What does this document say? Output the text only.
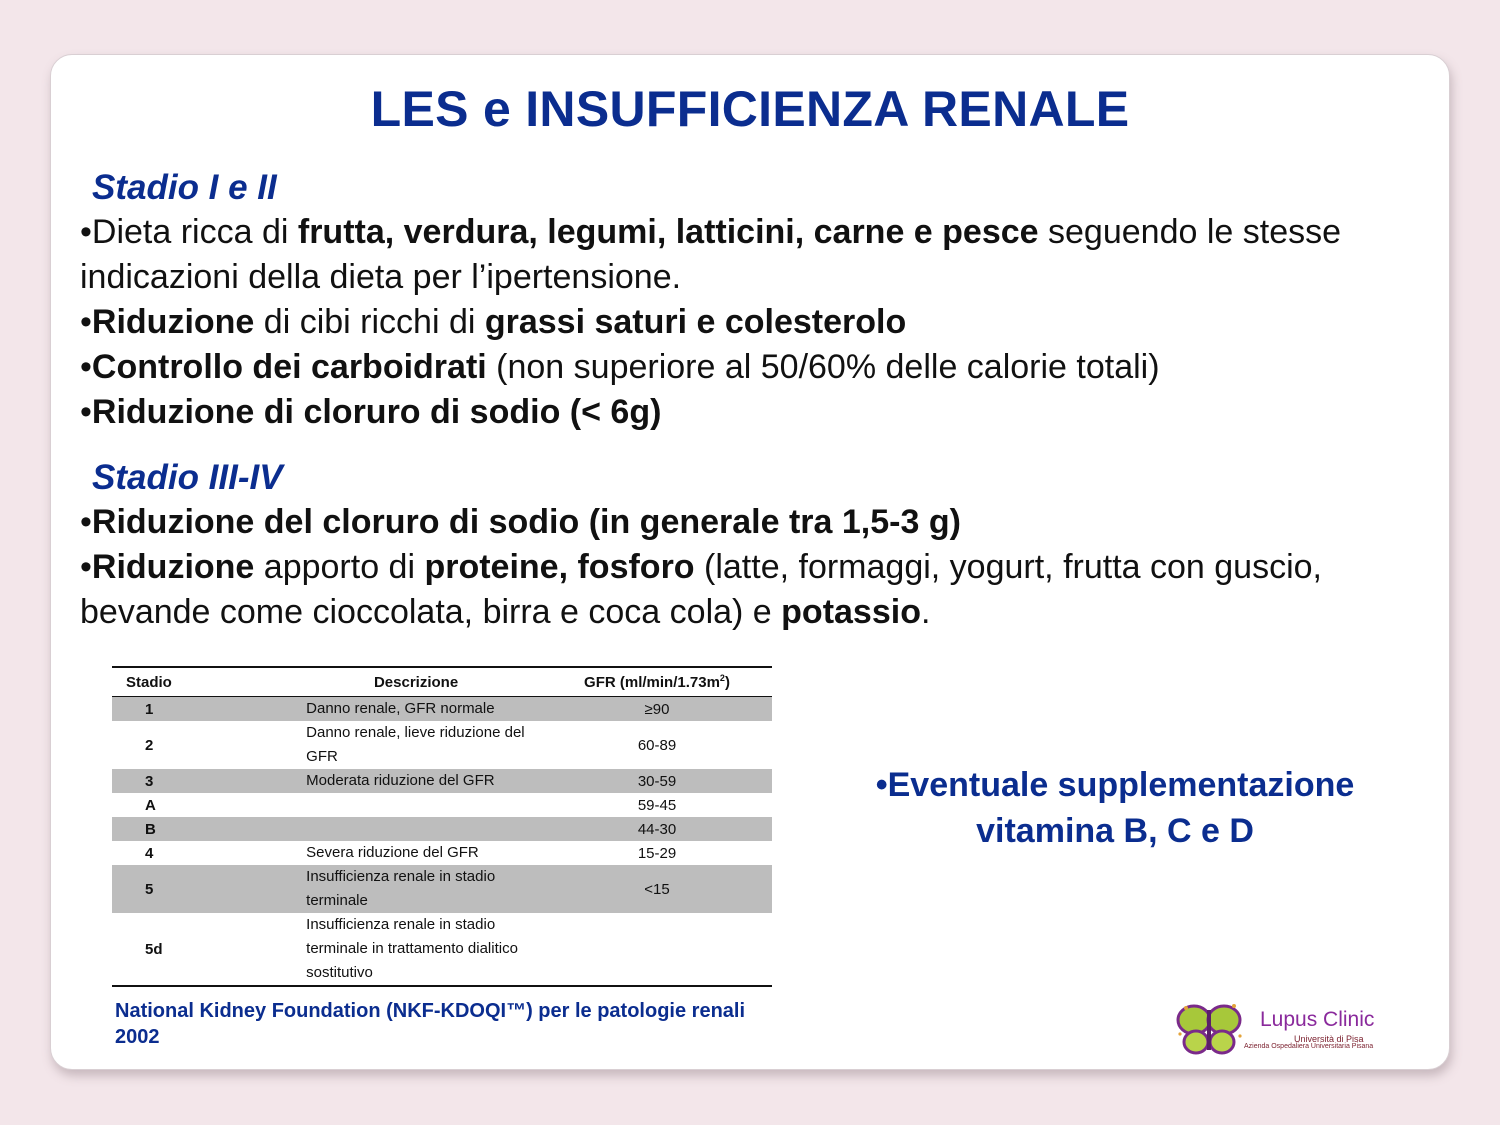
LES e INSUFFICIENZA RENALE
Stadio I e II

•Dieta ricca di frutta, verdura, legumi, latticini, carne e pesce seguendo le stesse indicazioni della dieta per l’ipertensione.

•Riduzione di cibi ricchi di grassi saturi e colesterolo

•Controllo dei carboidrati (non superiore al 50/60% delle calorie totali)

•Riduzione di cloruro di sodio (< 6g)

Stadio III-IV

•Riduzione del cloruro di sodio (in generale tra 1,5-3 g)

•Riduzione apporto di proteine, fosforo (latte, formaggi, yogurt, frutta con guscio, bevande come cioccolata, birra e coca cola) e potassio.

Stadio	Descrizione	GFR $(ml/\min/1.73m^2)$
1	Danno renale, GFR normale	≥90
2	Danno renale, lieve riduzione del GFR	60-89
3	Moderata riduzione del GFR	30-59
A		59-45
B		44-30
4	Severa riduzione del GFR	15-29
5	Insufficienza renale in stadio terminale	<15
5d	Insufficienza renale in stadio terminale in trattamento dialitico sostitutivo	
National Kidney Foundation (NKF-KDOQI™) per le patologie renali 2002
•Eventuale supplementazione
vitamina B, C e D
Lupus Clinic
Università di Pisa
Azienda Ospedaliera Universitaria Pisana
